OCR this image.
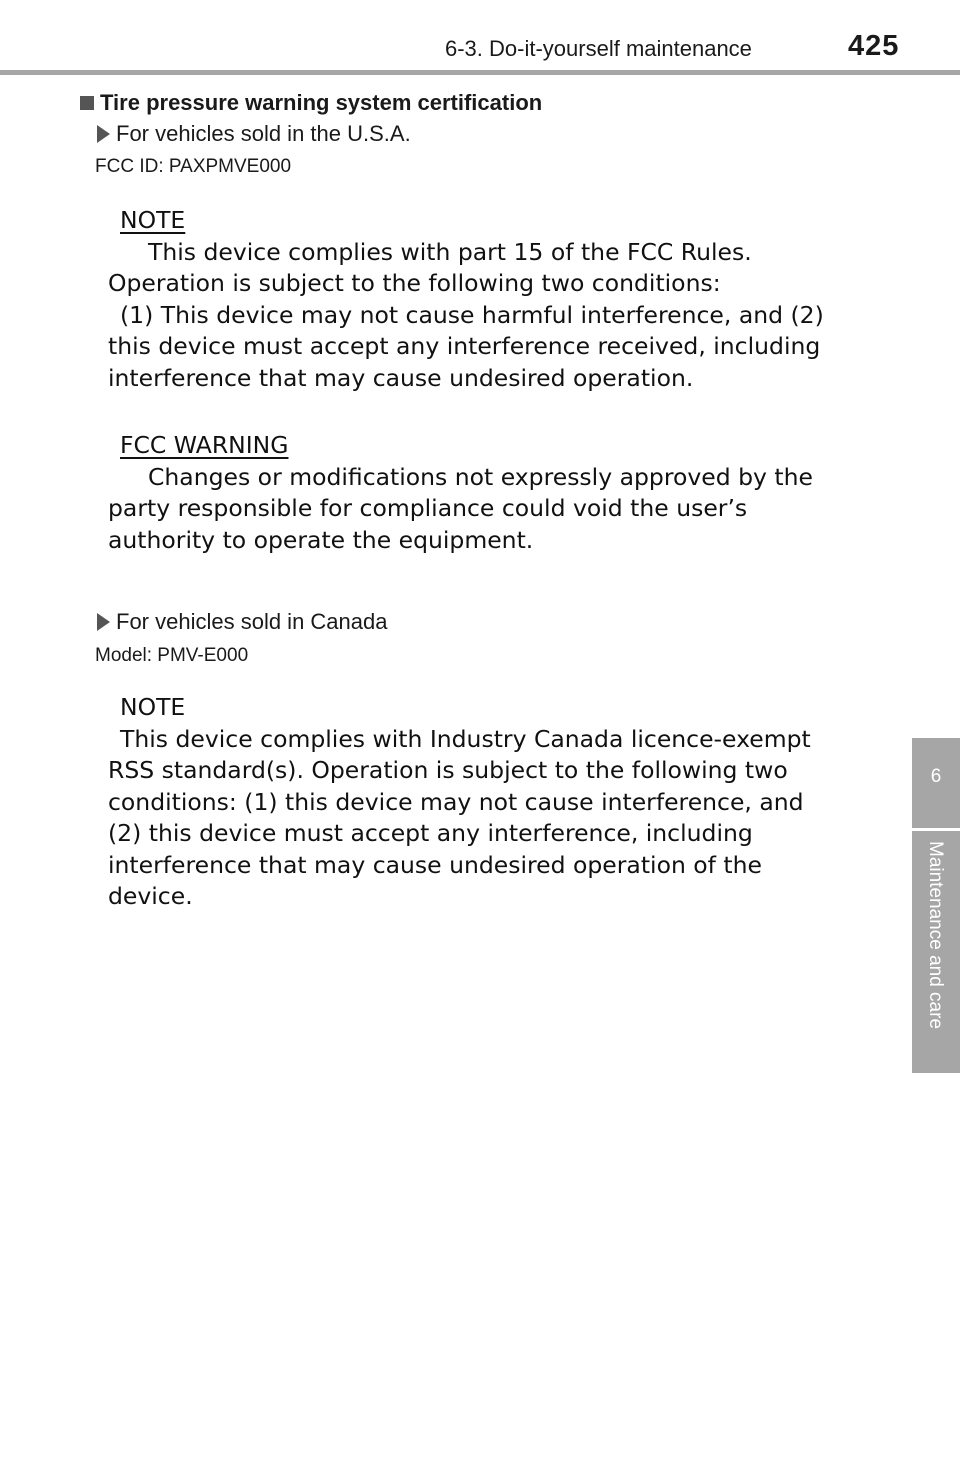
6-3. Do-it-yourself maintenance	425
6
Maintenance and care
Tire pressure warning system certification
For vehicles sold in the U.S.A.
FCC ID: PAXPMVE000
NOTE
This device complies with part 15 of the FCC Rules.
Operation is subject to the following two conditions:
(1) This device may not cause harmful interference, and (2)
this device must accept any interference received, including
interference that may cause undesired operation.
FCC WARNING
Changes or modifications not expressly approved by the
party responsible for compliance could void the user’s
authority to operate the equipment.
For vehicles sold in Canada
Model: PMV-E000
NOTE
This device complies with Industry Canada licence-exempt
RSS standard(s). Operation is subject to the following two
conditions: (1) this device may not cause interference, and
(2) this device must accept any interference, including
interference that may cause undesired operation of the
device.
